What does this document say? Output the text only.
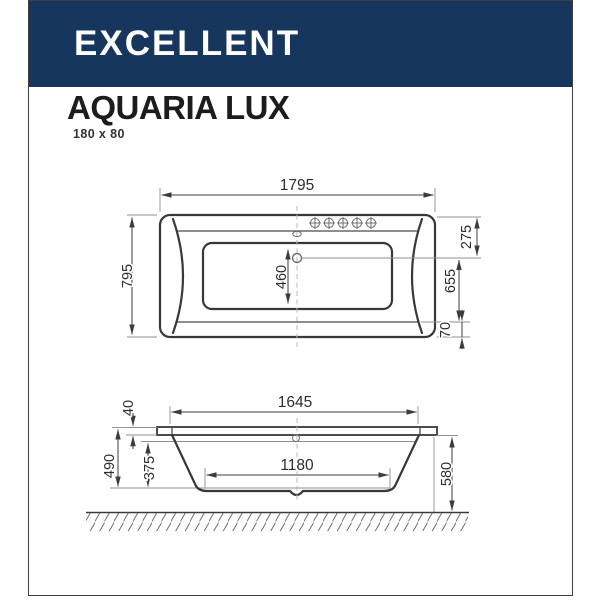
EXCELLENT
AQUARIA LUX
180 x 80
1795
795	460
275
655
70
1645
40
490 375	1180	580
